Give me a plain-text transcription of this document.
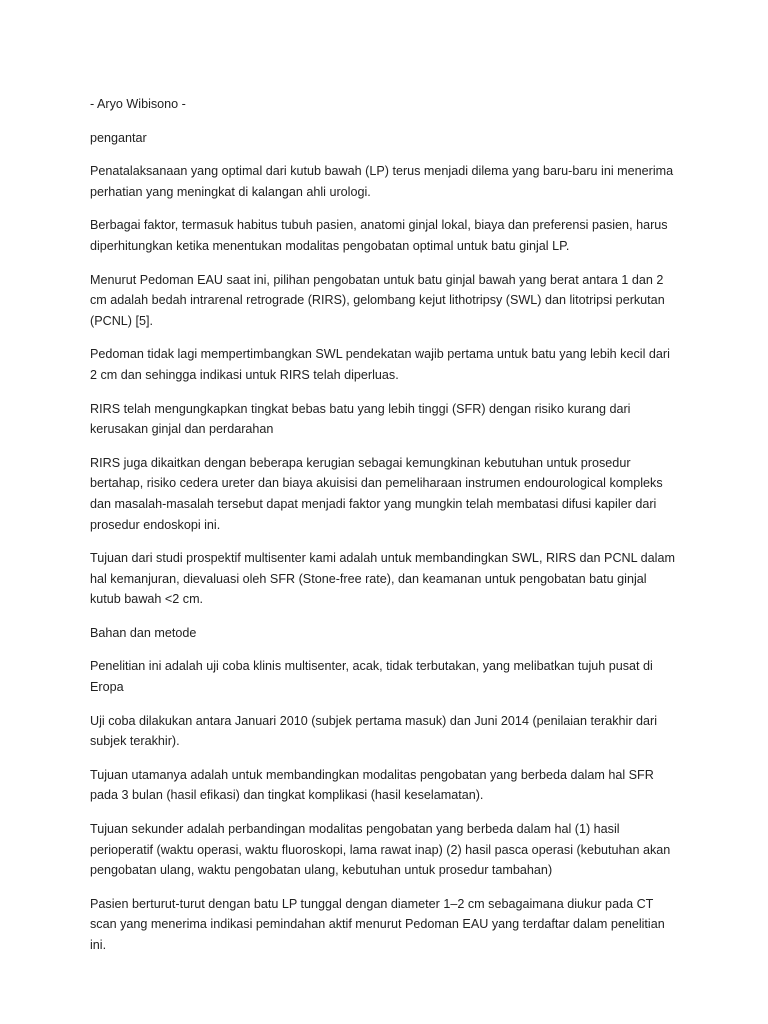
- Aryo Wibisono -

pengantar

Penatalaksanaan yang optimal dari kutub bawah (LP) terus menjadi dilema yang baru-baru ini menerima
perhatian yang meningkat di kalangan ahli urologi.

Berbagai faktor, termasuk habitus tubuh pasien, anatomi ginjal lokal, biaya dan preferensi pasien, harus
diperhitungkan ketika menentukan modalitas pengobatan optimal untuk batu ginjal LP.

Menurut Pedoman EAU saat ini, pilihan pengobatan untuk batu ginjal bawah yang berat antara 1 dan 2
cm adalah bedah intrarenal retrograde (RIRS), gelombang kejut lithotripsy (SWL) dan litotripsi perkutan
(PCNL) [5].

Pedoman tidak lagi mempertimbangkan SWL pendekatan wajib pertama untuk batu yang lebih kecil dari
2 cm dan sehingga indikasi untuk RIRS telah diperluas.

RIRS telah mengungkapkan tingkat bebas batu yang lebih tinggi (SFR) dengan risiko kurang dari
kerusakan ginjal dan perdarahan

RIRS juga dikaitkan dengan beberapa kerugian sebagai kemungkinan kebutuhan untuk prosedur
bertahap, risiko cedera ureter dan biaya akuisisi dan pemeliharaan instrumen endourological kompleks
dan masalah-masalah tersebut dapat menjadi faktor yang mungkin telah membatasi difusi kapiler dari
prosedur endoskopi ini.

Tujuan dari studi prospektif multisenter kami adalah untuk membandingkan SWL, RIRS dan PCNL dalam
hal kemanjuran, dievaluasi oleh SFR (Stone-free rate), dan keamanan untuk pengobatan batu ginjal
kutub bawah <2 cm.

Bahan dan metode

Penelitian ini adalah uji coba klinis multisenter, acak, tidak terbutakan, yang melibatkan tujuh pusat di
Eropa

Uji coba dilakukan antara Januari 2010 (subjek pertama masuk) dan Juni 2014 (penilaian terakhir dari
subjek terakhir).

Tujuan utamanya adalah untuk membandingkan modalitas pengobatan yang berbeda dalam hal SFR
pada 3 bulan (hasil efikasi) dan tingkat komplikasi (hasil keselamatan).

Tujuan sekunder adalah perbandingan modalitas pengobatan yang berbeda dalam hal (1) hasil
perioperatif (waktu operasi, waktu fluoroskopi, lama rawat inap) (2) hasil pasca operasi (kebutuhan akan
pengobatan ulang, waktu pengobatan ulang, kebutuhan untuk prosedur tambahan)

Pasien berturut-turut dengan batu LP tunggal dengan diameter 1–2 cm sebagaimana diukur pada CT
scan yang menerima indikasi pemindahan aktif menurut Pedoman EAU yang terdaftar dalam penelitian
ini.
